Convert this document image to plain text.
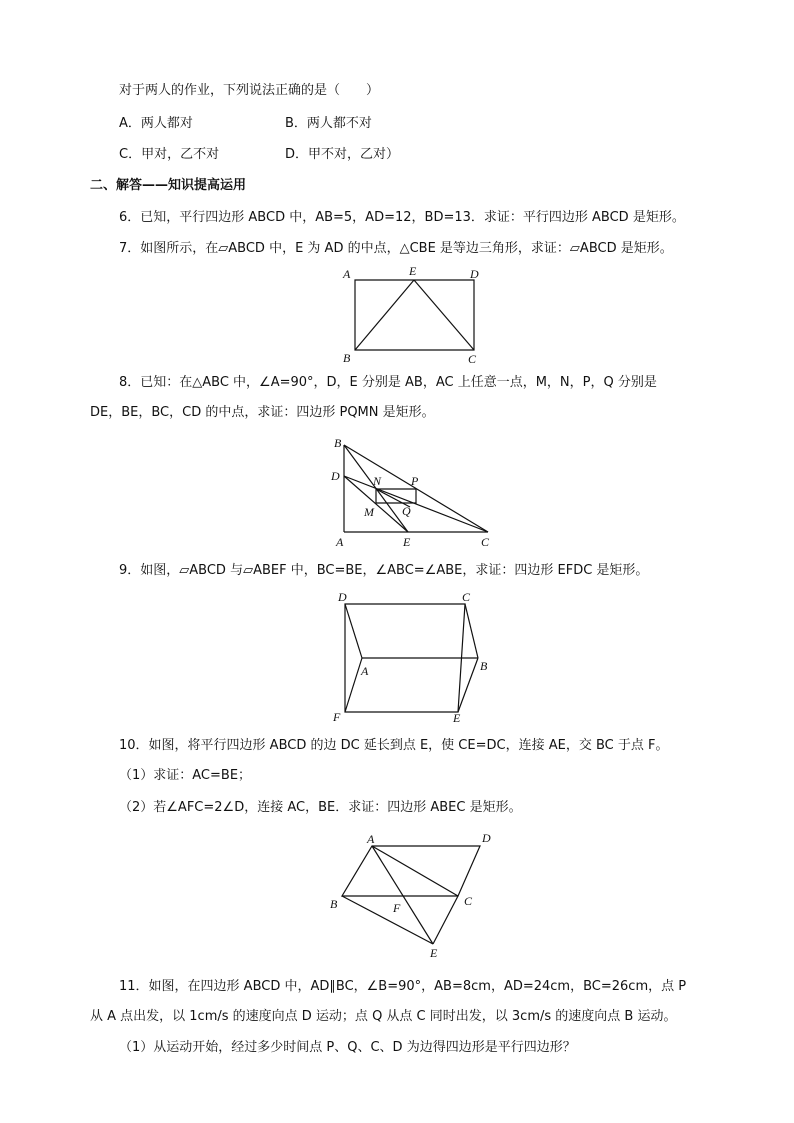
对于两人的作业，下列说法正确的是（　　）
A．两人都对	B．两人都不对
C．甲对，乙不对	D．甲不对，乙对）
二、解答——知识提高运用
6．已知，平行四边形 ABCD 中，AB=5，AD=12，BD=13．求证：平行四边形 ABCD 是矩形。
7．如图所示，在▱ABCD 中，E 为 AD 的中点，△CBE 是等边三角形，求证：▱ABCD 是矩形。
A	E	D
B	C
8．已知：在△ABC 中，∠A=90°，D，E 分别是 AB，AC 上任意一点，M，N，P，Q 分别是
DE，BE，BC，CD 的中点，求证：四边形 PQMN 是矩形。
B
D	N P
M Q
A	E	C
9．如图，▱ABCD 与▱ABEF 中，BC=BE，∠ABC=∠ABE，求证：四边形 EFDC 是矩形。
D	C
A	B
F	E
10．如图，将平行四边形 ABCD 的边 DC 延长到点 E，使 CE=DC，连接 AE，交 BC 于点 F。
（1）求证：AC=BE；
（2）若∠AFC=2∠D，连接 AC，BE．求证：四边形 ABEC 是矩形。
A	D
B	F	C
E
11．如图，在四边形 ABCD 中，AD∥BC，∠B=90°，AB=8cm，AD=24cm，BC=26cm，点 P
从 A 点出发，以 1cm/s 的速度向点 D 运动；点 Q 从点 C 同时出发，以 3cm/s 的速度向点 B 运动。
（1）从运动开始，经过多少时间点 P、Q、C、D 为边得四边形是平行四边形？
